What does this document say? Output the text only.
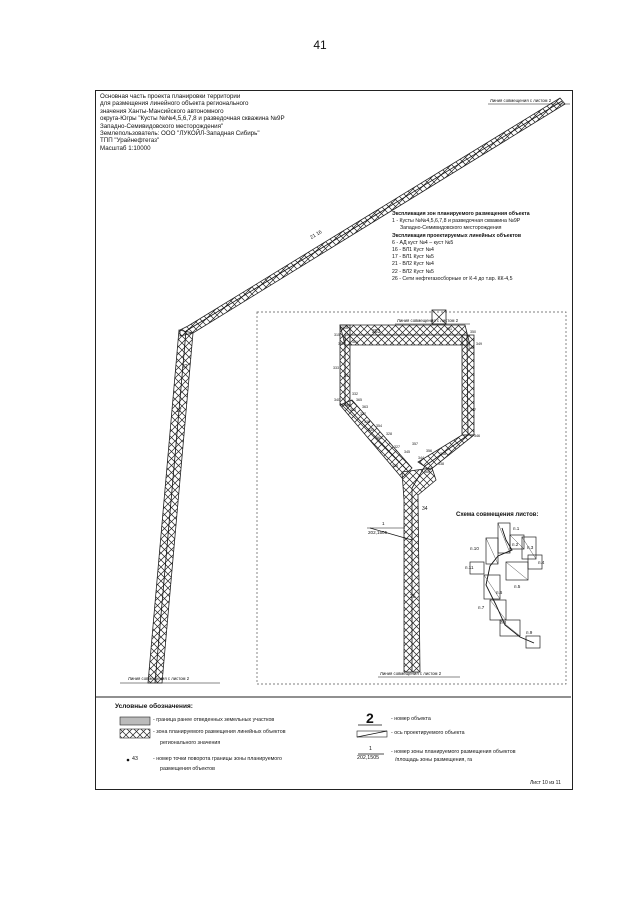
41
Основная часть проекта планировки территории
для размещения линейного объекта регионального
значения Ханты-Мансийского автономного
округа-Югры "Кусты №№4,5,6,7,8 и разведочная скважина №9Р
Западно-Семивидовского месторождения"
Землепользователь: ООО "ЛУКОЙЛ-Западная Сибирь"
ТПП "Урайнефтегаз"
Масштаб 1:10000
Экспликация зон планируемого размещения объекта
1 - Кусты №№4,5,6,7,8 и разведочная скважина №9Р
Западно-Семивидовского месторождения
Экспликация проектируемых линейных объектов
6 - АД куст №4 – куст №5
16 - ВЛ1 Куст №4
17 - ВЛ1 Куст №5
21 - ВЛ2 Куст №4
22 - ВЛ2 Куст №5
26 - Сети нефтегазосборные от К-4 до т.вр. КК-4,5
Линия совмещения с листом 2
Линия совмещения с листом 2
Линия совмещения с листом 2
Линия совмещения с листом 2
21 16
22
17
363
34
26
1
202,1505
316
315
362 361
333
332
342
340
341
337
336
335
328
327
351
350
349
348
347
346
345
344
338
339
360
365
363
354
355
357
356
364
358
Схема совмещения листов:
п.1
п.2
п.3
п.4
п.5
п.6
п.7
п.8
п.9
п.10
п.11
Условные обозначения:
- граница ранее отведенных земельных участков
- зона планируемого размещения линейных объектов
регионального значения
43	- номер точки поворота границы зоны планируемого
размещения объектов
2	- номер объекта
- ось проектируемого объекта
1
202,1505
- номер зоны планируемого размещения объектов
/площадь зоны размещения, га
Лист 10 из 11
